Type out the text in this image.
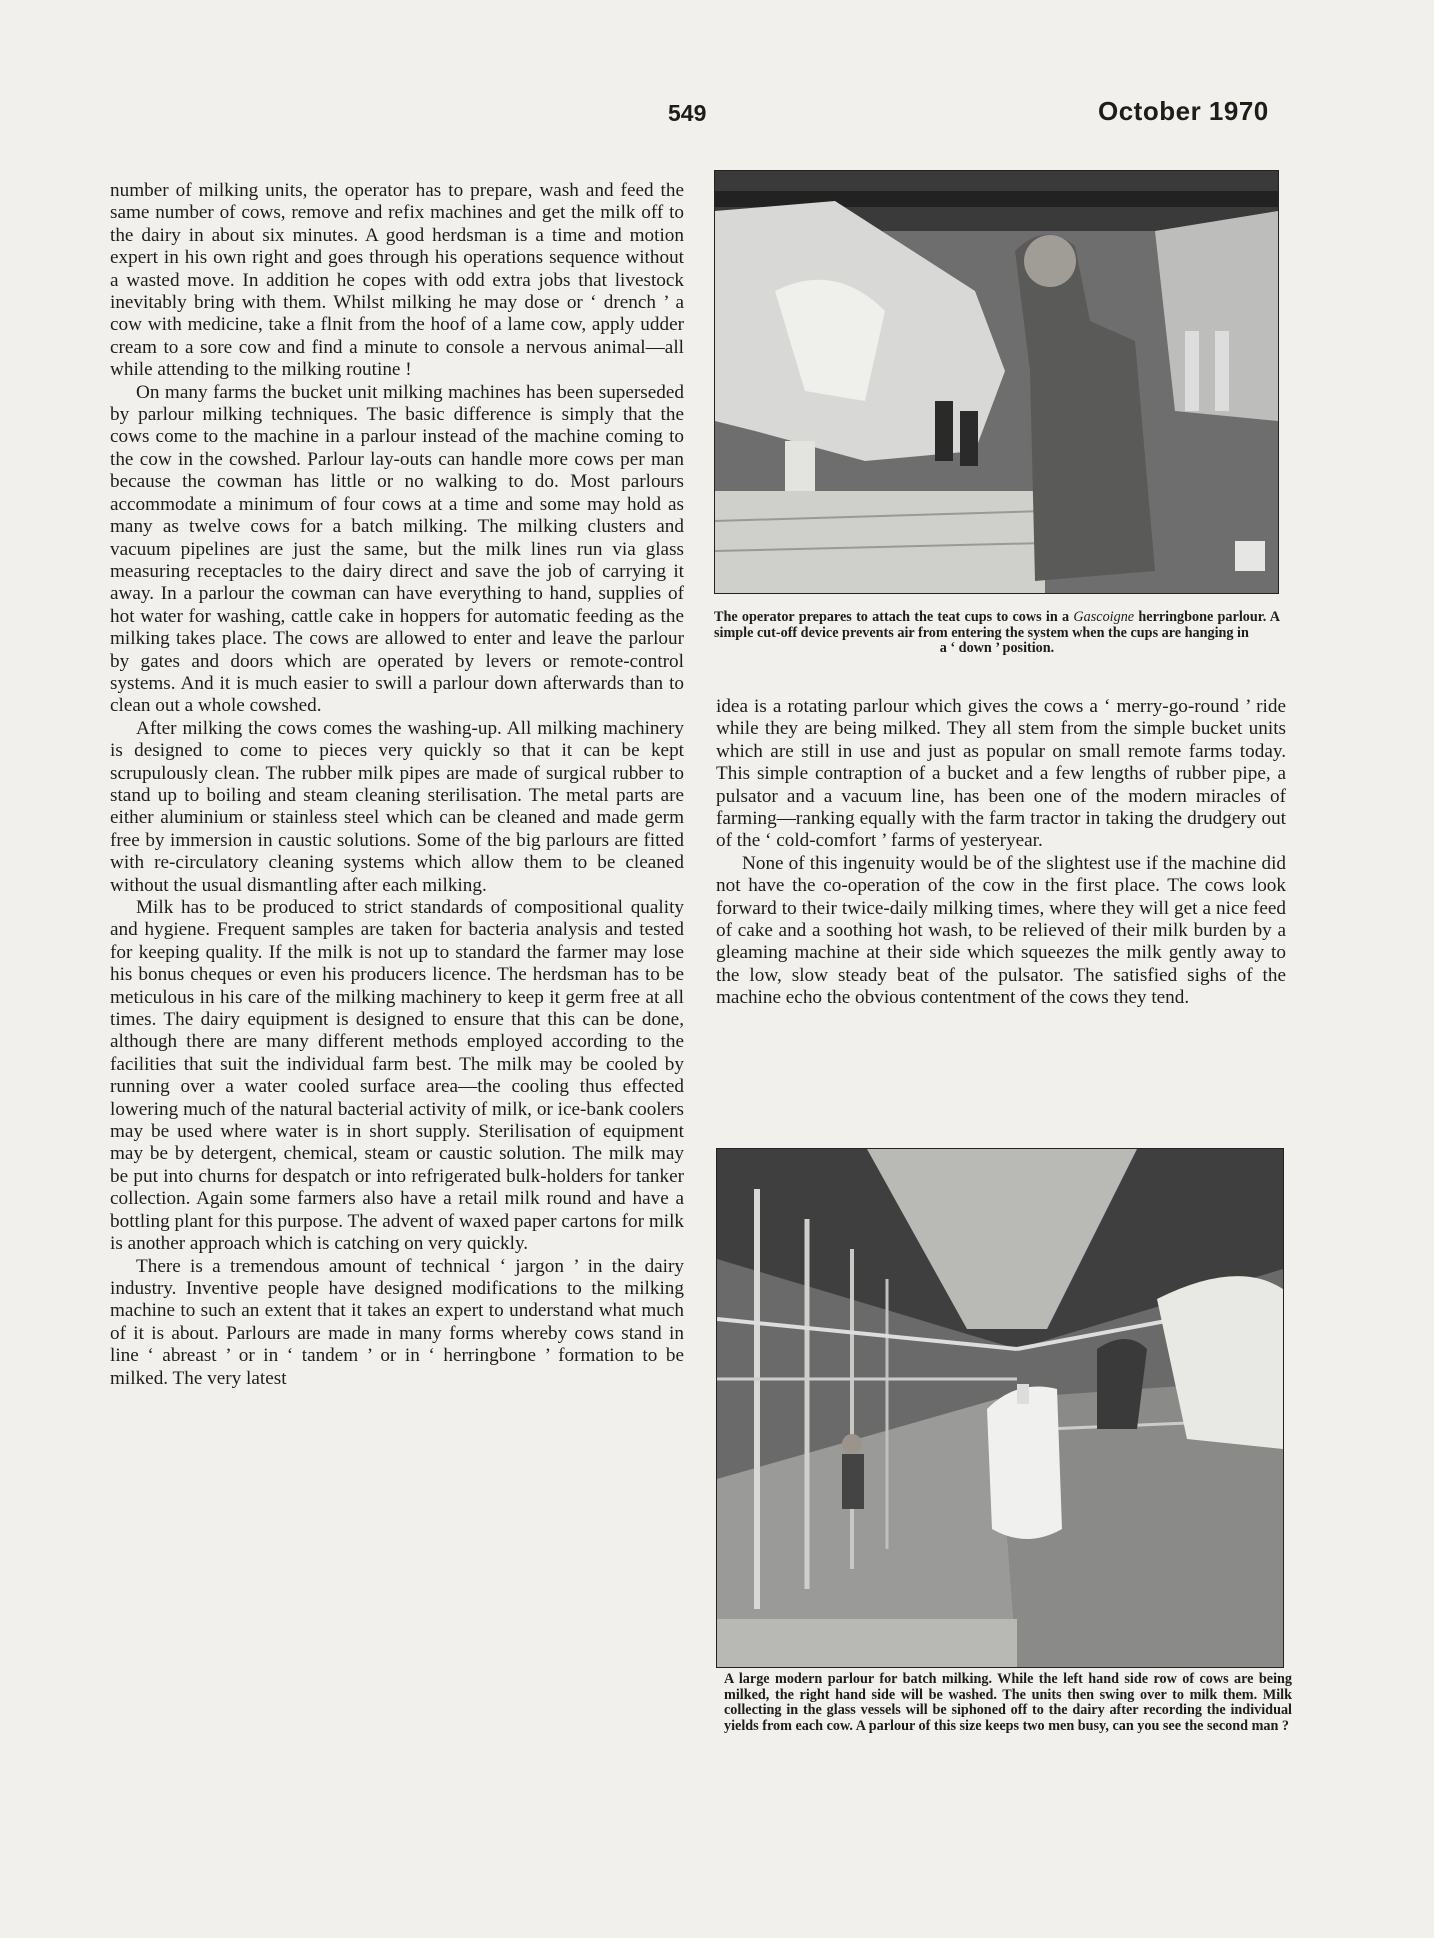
549	October 1970

number of milking units, the operator has to prepare, wash and feed the same number of cows, remove and refix machines and get the milk off to the dairy in about six minutes. A good herdsman is a time and motion expert in his own right and goes through his operations sequence without a wasted move. In addition he copes with odd extra jobs that livestock inevitably bring with them. Whilst milking he may dose or ‘ drench ’ a cow with medicine, take a flnit from the hoof of a lame cow, apply udder cream to a sore cow and find a minute to console a nervous animal—all while attending to the milking routine !

On many farms the bucket unit milking machines has been superseded by parlour milking techniques. The basic difference is simply that the cows come to the machine in a parlour instead of the machine coming to the cow in the cowshed. Parlour lay-outs can handle more cows per man because the cowman has little or no walking to do. Most parlours accommodate a minimum of four cows at a time and some may hold as many as twelve cows for a batch milking. The milking clusters and vacuum pipelines are just the same, but the milk lines run via glass measuring receptacles to the dairy direct and save the job of carrying it away. In a parlour the cowman can have everything to hand, supplies of hot water for washing, cattle cake in hoppers for automatic feeding as the milking takes place. The cows are allowed to enter and leave the parlour by gates and doors which are operated by levers or remote-control systems. And it is much easier to swill a parlour down afterwards than to clean out a whole cowshed.

After milking the cows comes the washing-up. All milking machinery is designed to come to pieces very quickly so that it can be kept scrupulously clean. The rubber milk pipes are made of surgical rubber to stand up to boiling and steam cleaning sterilisation. The metal parts are either aluminium or stainless steel which can be cleaned and made germ free by immersion in caustic solutions. Some of the big parlours are fitted with re-circulatory cleaning systems which allow them to be cleaned without the usual dismantling after each milking.

Milk has to be produced to strict standards of compositional quality and hygiene. Frequent samples are taken for bacteria analysis and tested for keeping quality. If the milk is not up to standard the farmer may lose his bonus cheques or even his producers licence. The herdsman has to be meticulous in his care of the milking machinery to keep it germ free at all times. The dairy equipment is designed to ensure that this can be done, although there are many different methods employed according to the facilities that suit the individual farm best. The milk may be cooled by running over a water cooled surface area—the cooling thus effected lowering much of the natural bacterial activity of milk, or ice-bank coolers may be used where water is in short supply. Sterilisation of equipment may be by detergent, chemical, steam or caustic solution. The milk may be put into churns for despatch or into refrigerated bulk-holders for tanker collection. Again some farmers also have a retail milk round and have a bottling plant for this purpose. The advent of waxed paper cartons for milk is another approach which is catching on very quickly.

There is a tremendous amount of technical ‘ jargon ’ in the dairy industry. Inventive people have designed modifications to the milking machine to such an extent that it takes an expert to understand what much of it is about. Parlours are made in many forms whereby cows stand in line ‘ abreast ’ or in ‘ tandem ’ or in ‘ herringbone ’ formation to be milked. The very latest

The operator prepares to attach the teat cups to cows in a Gascoigne herringbone parlour. A simple cut-off device prevents air from entering the system when the cups are hanging in
a ‘ down ’ position.

idea is a rotating parlour which gives the cows a ‘ merry-go-round ’ ride while they are being milked. They all stem from the simple bucket units which are still in use and just as popular on small remote farms today. This simple contraption of a bucket and a few lengths of rubber pipe, a pulsator and a vacuum line, has been one of the modern miracles of farming—ranking equally with the farm tractor in taking the drudgery out of the ‘ cold-comfort ’ farms of yesteryear.

None of this ingenuity would be of the slightest use if the machine did not have the co-operation of the cow in the first place. The cows look forward to their twice-daily milking times, where they will get a nice feed of cake and a soothing hot wash, to be relieved of their milk burden by a gleaming machine at their side which squeezes the milk gently away to the low, slow steady beat of the pulsator. The satisfied sighs of the machine echo the obvious contentment of the cows they tend.

A large modern parlour for batch milking. While the left hand side row of cows are being milked, the right hand side will be washed. The units then swing over to milk them. Milk collecting in the glass vessels will be siphoned off to the dairy after recording the individual yields from each cow. A parlour of this size keeps two men busy, can you see the second man ?
